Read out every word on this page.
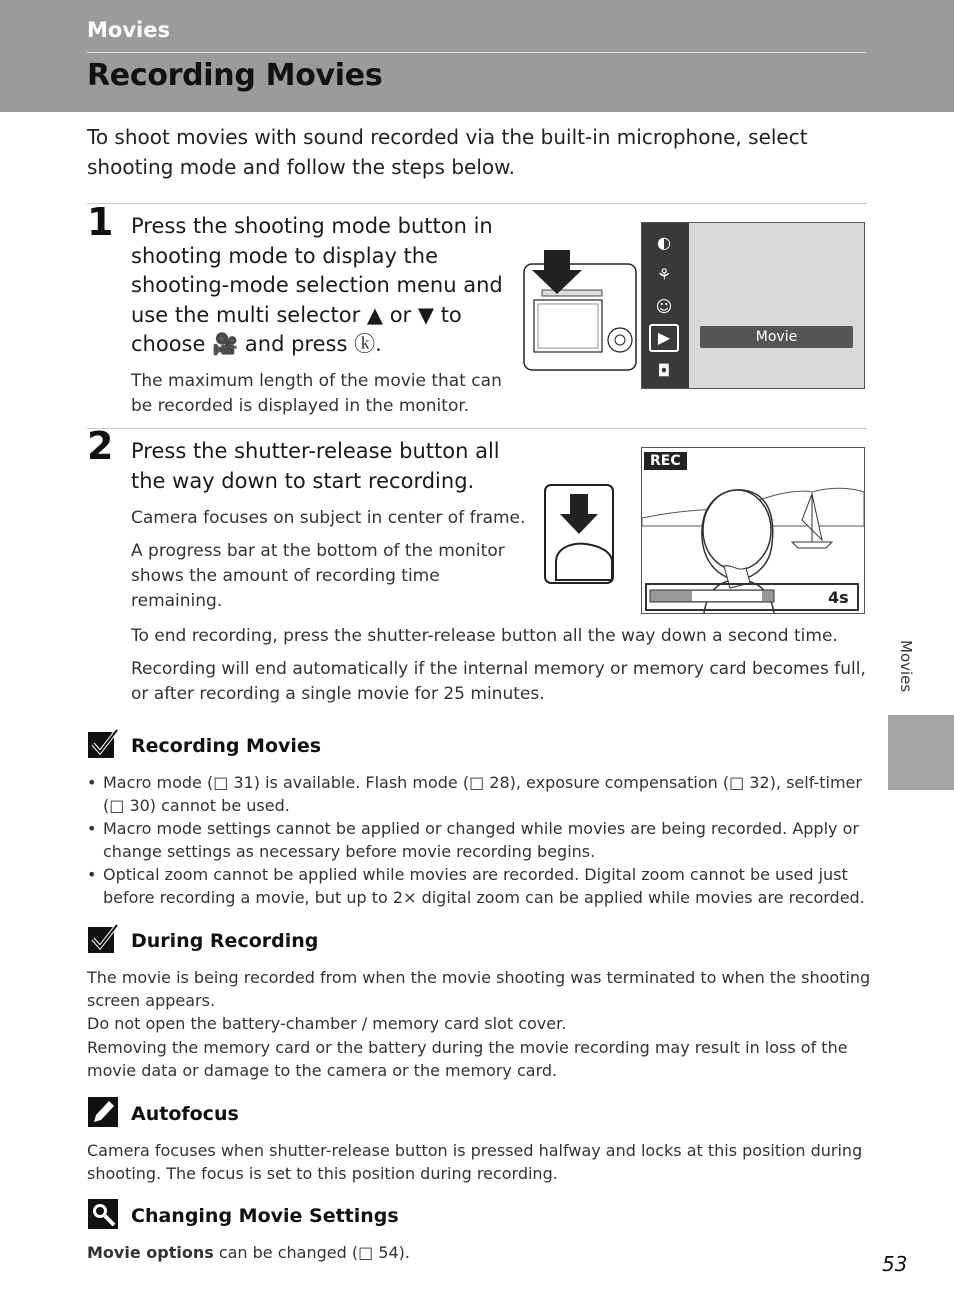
Movies
Recording Movies
To shoot movies with sound recorded via the built-in microphone, select shooting mode and follow the steps below.
1 Press the shooting mode button in shooting mode to display the shooting-mode selection menu and use the multi selector ▲ or ▼ to choose 🎥 and press ⓚ.
The maximum length of the movie that can be recorded is displayed in the monitor.
◐
⚘
☺
▶
◘
Movie
2 Press the shutter-release button all the way down to start recording.
Camera focuses on subject in center of frame.
A progress bar at the bottom of the monitor shows the amount of recording time remaining.
REC
4s
To end recording, press the shutter-release button all the way down a second time.
Recording will end automatically if the internal memory or memory card becomes full, or after recording a single movie for 25 minutes.
Recording Movies
• Macro mode (□ 31) is available. Flash mode (□ 28), exposure compensation (□ 32), self-timer (□ 30) cannot be used.
• Macro mode settings cannot be applied or changed while movies are being recorded. Apply or change settings as necessary before movie recording begins.
• Optical zoom cannot be applied while movies are recorded. Digital zoom cannot be used just before recording a movie, but up to 2× digital zoom can be applied while movies are recorded.
During Recording
The movie is being recorded from when the movie shooting was terminated to when the shooting screen appears.
Do not open the battery-chamber / memory card slot cover.
Removing the memory card or the battery during the movie recording may result in loss of the movie data or damage to the camera or the memory card.
Autofocus
Camera focuses when shutter-release button is pressed halfway and locks at this position during shooting. The focus is set to this position during recording.
Changing Movie Settings
Movie options can be changed (□ 54).
Movies
53
